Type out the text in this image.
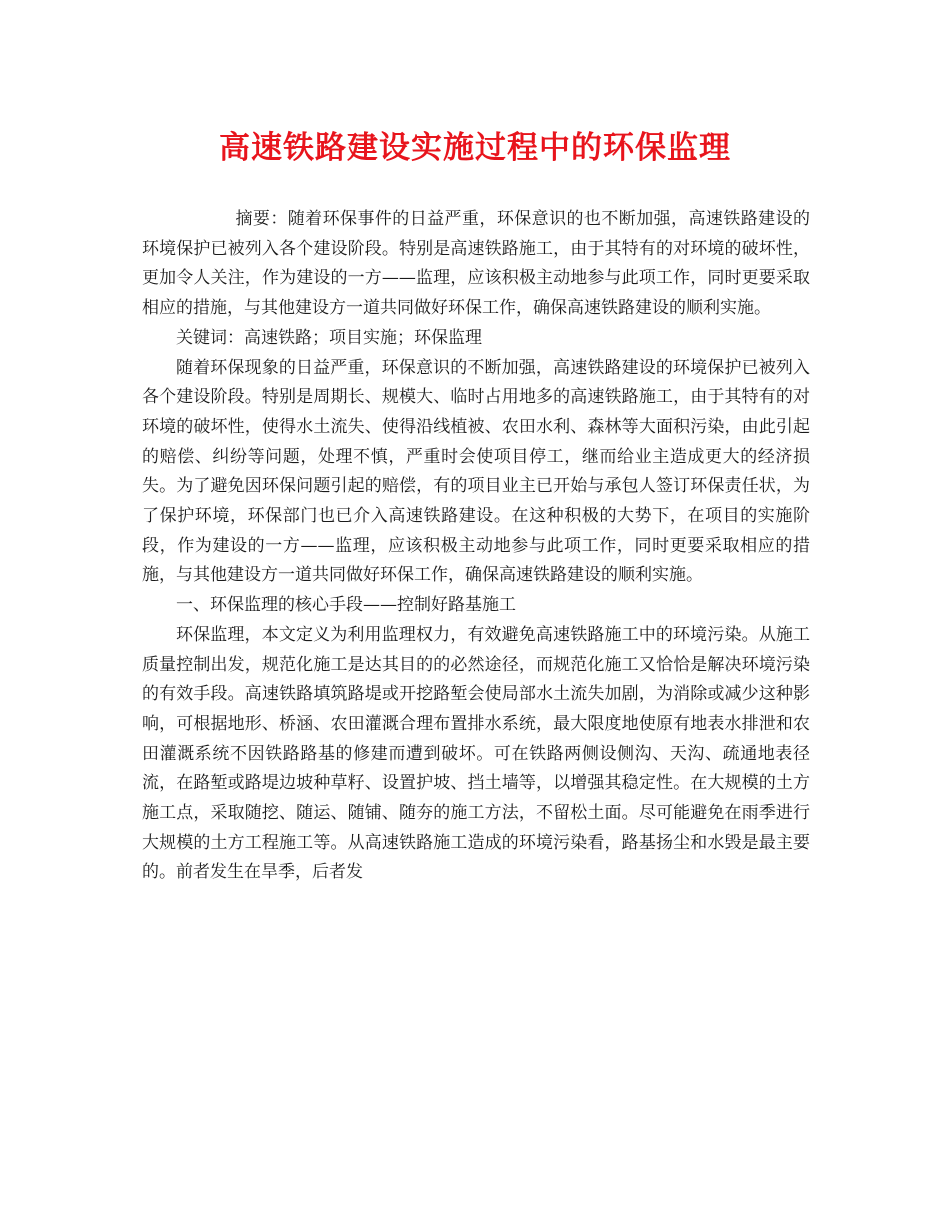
高速铁路建设实施过程中的环保监理

摘要：随着环保事件的日益严重，环保意识的也不断加强，高速铁路建设的环境保护已被列入各个建设阶段。特别是高速铁路施工，由于其特有的对环境的破坏性，更加令人关注，作为建设的一方——监理，应该积极主动地参与此项工作，同时更要采取相应的措施，与其他建设方一道共同做好环保工作，确保高速铁路建设的顺利实施。

关键词：高速铁路；项目实施；环保监理

随着环保现象的日益严重，环保意识的不断加强，高速铁路建设的环境保护已被列入各个建设阶段。特别是周期长、规模大、临时占用地多的高速铁路施工，由于其特有的对环境的破坏性，使得水土流失、使得沿线植被、农田水利、森林等大面积污染，由此引起的赔偿、纠纷等问题，处理不慎，严重时会使项目停工，继而给业主造成更大的经济损失。为了避免因环保问题引起的赔偿，有的项目业主已开始与承包人签订环保责任状，为了保护环境，环保部门也已介入高速铁路建设。在这种积极的大势下，在项目的实施阶段，作为建设的一方——监理，应该积极主动地参与此项工作，同时更要采取相应的措施，与其他建设方一道共同做好环保工作，确保高速铁路建设的顺利实施。

一、环保监理的核心手段——控制好路基施工

环保监理，本文定义为利用监理权力，有效避免高速铁路施工中的环境污染。从施工质量控制出发，规范化施工是达其目的的必然途径，而规范化施工又恰恰是解决环境污染的有效手段。高速铁路填筑路堤或开挖路堑会使局部水土流失加剧，为消除或减少这种影响，可根据地形、桥涵、农田灌溉合理布置排水系统，最大限度地使原有地表水排泄和农田灌溉系统不因铁路路基的修建而遭到破坏。可在铁路两侧设侧沟、天沟、疏通地表径流，在路堑或路堤边坡种草籽、设置护坡、挡土墙等，以增强其稳定性。在大规模的土方施工点，采取随挖、随运、随铺、随夯的施工方法，不留松土面。尽可能避免在雨季进行大规模的土方工程施工等。从高速铁路施工造成的环境污染看，路基扬尘和水毁是最主要的。前者发生在旱季，后者发
